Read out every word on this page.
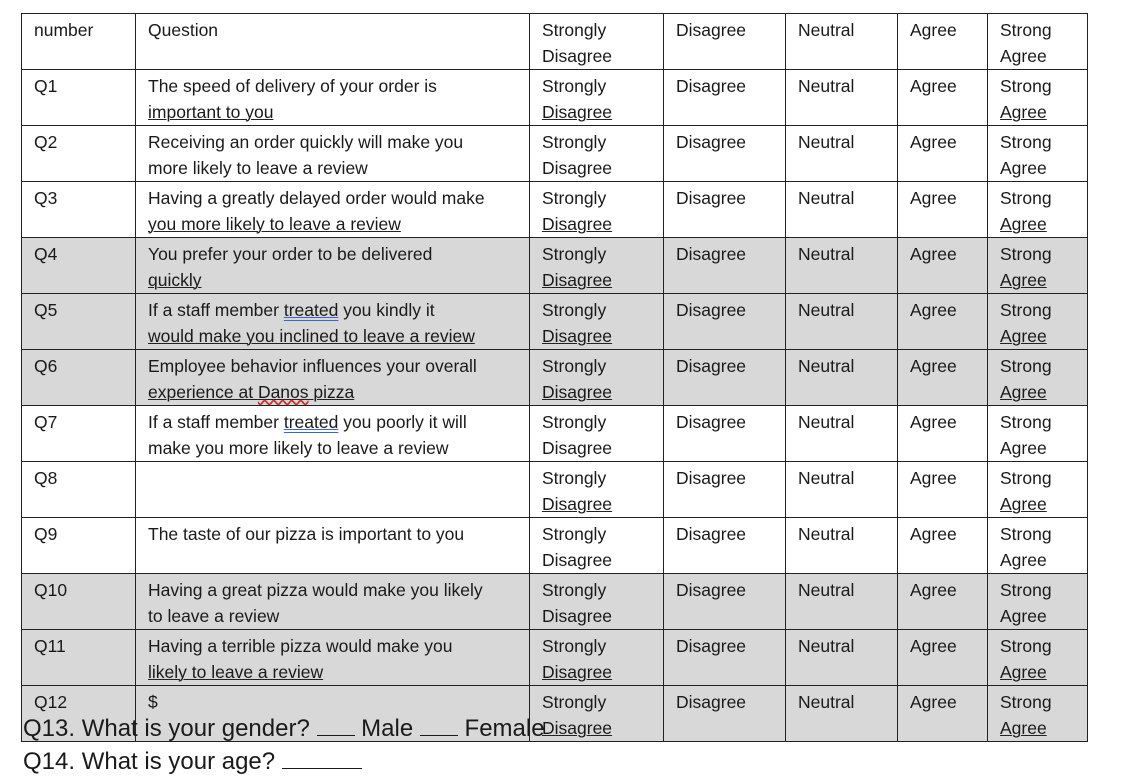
number	Question	Strongly
Disagree	Disagree	Neutral	Agree	Strong
Agree

Q1	The speed of delivery of your order is
important to you	Strongly
Disagree	Disagree	Neutral	Agree	Strong
Agree

Q2	Receiving an order quickly will make you
more likely to leave a review	Strongly
Disagree	Disagree	Neutral	Agree	Strong
Agree

Q3	Having a greatly delayed order would make
you more likely to leave a review	Strongly
Disagree	Disagree	Neutral	Agree	Strong
Agree

Q4	You prefer your order to be delivered
quickly	Strongly
Disagree	Disagree	Neutral	Agree	Strong
Agree

Q5	If a staff member treated you kindly it
would make you inclined to leave a review	Strongly
Disagree	Disagree	Neutral	Agree	Strong
Agree

Q6	Employee behavior influences your overall
experience at Danos pizza	Strongly
Disagree	Disagree	Neutral	Agree	Strong
Agree

Q7	If a staff member treated you poorly it will
make you more likely to leave a review	Strongly
Disagree	Disagree	Neutral	Agree	Strong
Agree

Q8		Strongly
Disagree	Disagree	Neutral	Agree	Strong
Agree

Q9	The taste of our pizza is important to you	Strongly
Disagree	Disagree	Neutral	Agree	Strong
Agree

Q10	Having a great pizza would make you likely
to leave a review	Strongly
Disagree	Disagree	Neutral	Agree	Strong
Agree

Q11	Having a terrible pizza would make you
likely to leave a review	Strongly
Disagree	Disagree	Neutral	Agree	Strong
Agree

Q12	$	Strongly
Disagree	Disagree	Neutral	Agree	Strong
Agree
Q13. What is your gender? Male Female
Q14. What is your age?
